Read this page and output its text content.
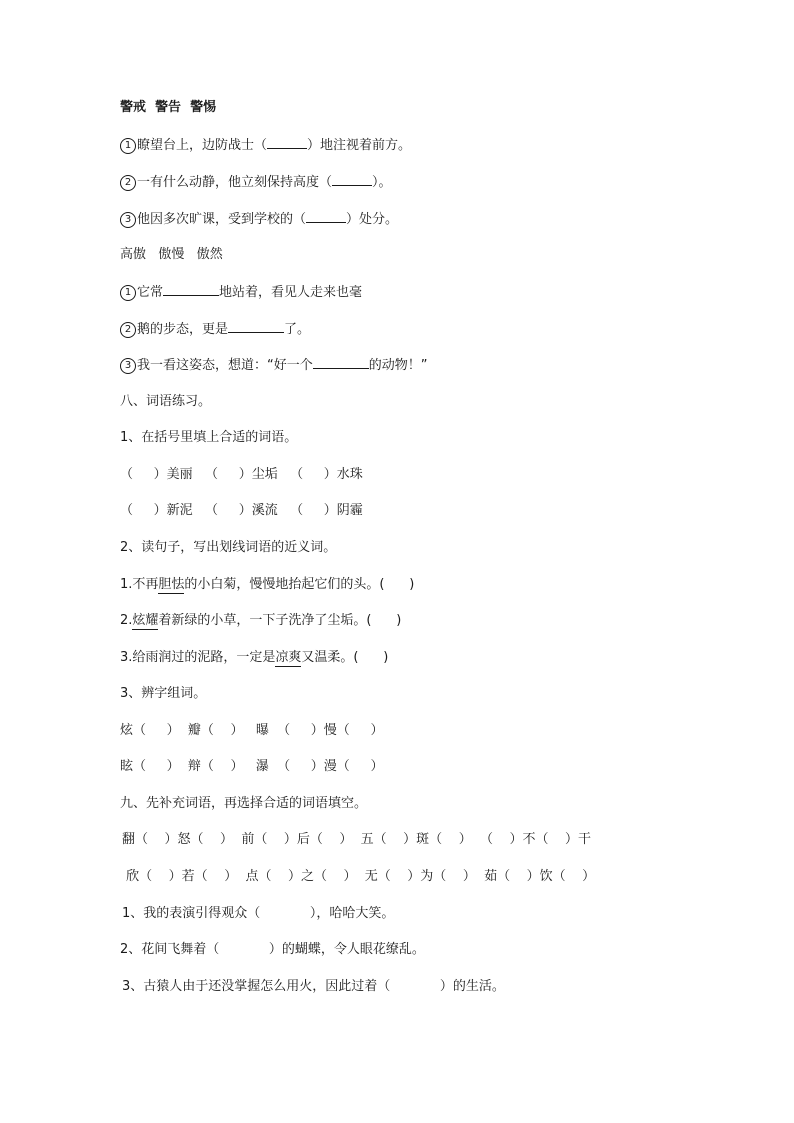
警戒  警告  警惕
1 瞭望台上，边防战士（	）地注视着前方。
2 一有什么动静，他立刻保持高度（	）。
3 他因多次旷课，受到学校的（	）处分。
高傲   傲慢   傲然
1 它常	地站着，看见人走来也毫
2 鹅的步态，更是	了。
3 我一看这姿态，想道：“好一个	的动物！”
八、词语练习。
1、在括号里填上合适的词语。
（     ）美丽   （     ）尘垢   （     ）水珠
（     ）新泥   （     ）溪流   （     ）阴霾
2、读句子，写出划线词语的近义词。
1.不再胆怯的小白菊，慢慢地抬起它们的头。(      )
2.炫耀着新绿的小草，一下子洗净了尘垢。(      )
3.给雨润过的泥路，一定是凉爽又温柔。(      )
3、辨字组词。
炫（     ）  瓣（    ）   曝  （     ）慢（     ）
眩（     ）  辩（    ）   瀑  （     ）漫（     ）
九、先补充词语，再选择合适的词语填空。
翻（    ）怒（    ）  前（    ）后（    ）  五（    ）斑（    ）  （    ）不（    ）干
欣（    ）若（    ）  点（    ）之（    ）  无（    ）为（    ）  茹（    ）饮（    ）
1、我的表演引得观众（            ），哈哈大笑。
2、花间飞舞着（            ）的蝴蝶，令人眼花缭乱。
3、古猿人由于还没掌握怎么用火，因此过着（            ）的生活。
